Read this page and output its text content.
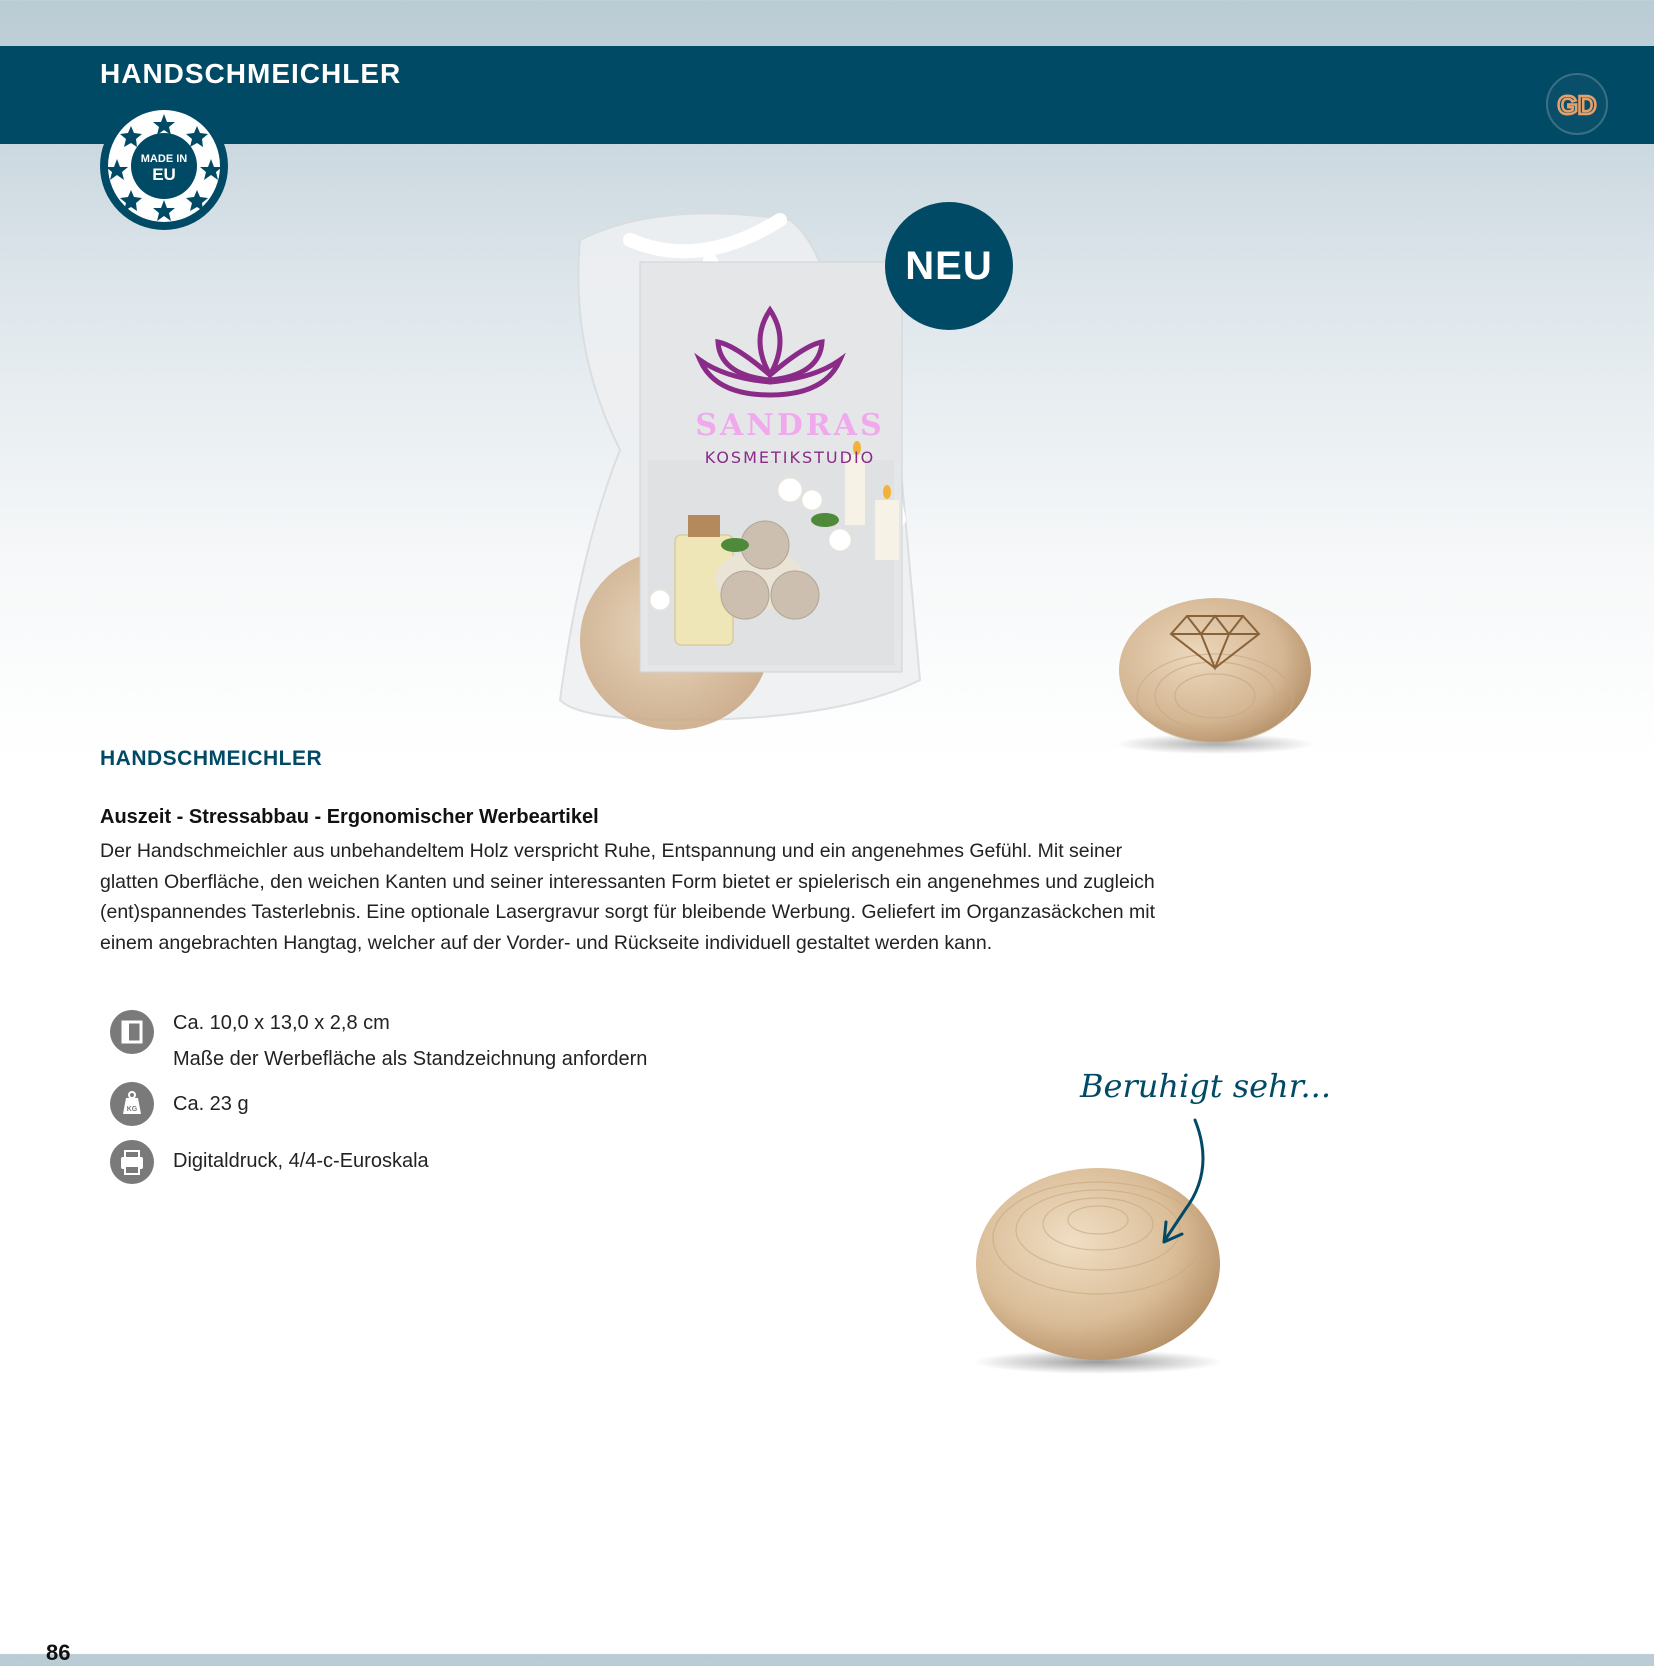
HANDSCHMEICHLER
GD
MADE IN
EU
SANDRAS
KOSMETIKSTUDIO
NEU
Beruhigt sehr...
HANDSCHMEICHLER
Auszeit - Stressabbau - Ergonomischer Werbeartikel
Der Handschmeichler aus unbehandeltem Holz verspricht Ruhe, Entspannung und ein angenehmes Gefühl. Mit seiner
glatten Oberfläche, den weichen Kanten und seiner interessanten Form bietet er spielerisch ein angenehmes und zugleich
(ent)spannendes Tasterlebnis. Eine optionale Lasergravur sorgt für bleibende Werbung. Geliefert im Organzasäckchen mit
einem angebrachten Hangtag, welcher auf der Vorder- und Rückseite individuell gestaltet werden kann.
Ca. 10,0 x 13,0 x 2,8 cm
Maße der Werbefläche als Standzeichnung anfordern
KG Ca. 23 g
Digitaldruck, 4/4-c-Euroskala
86
